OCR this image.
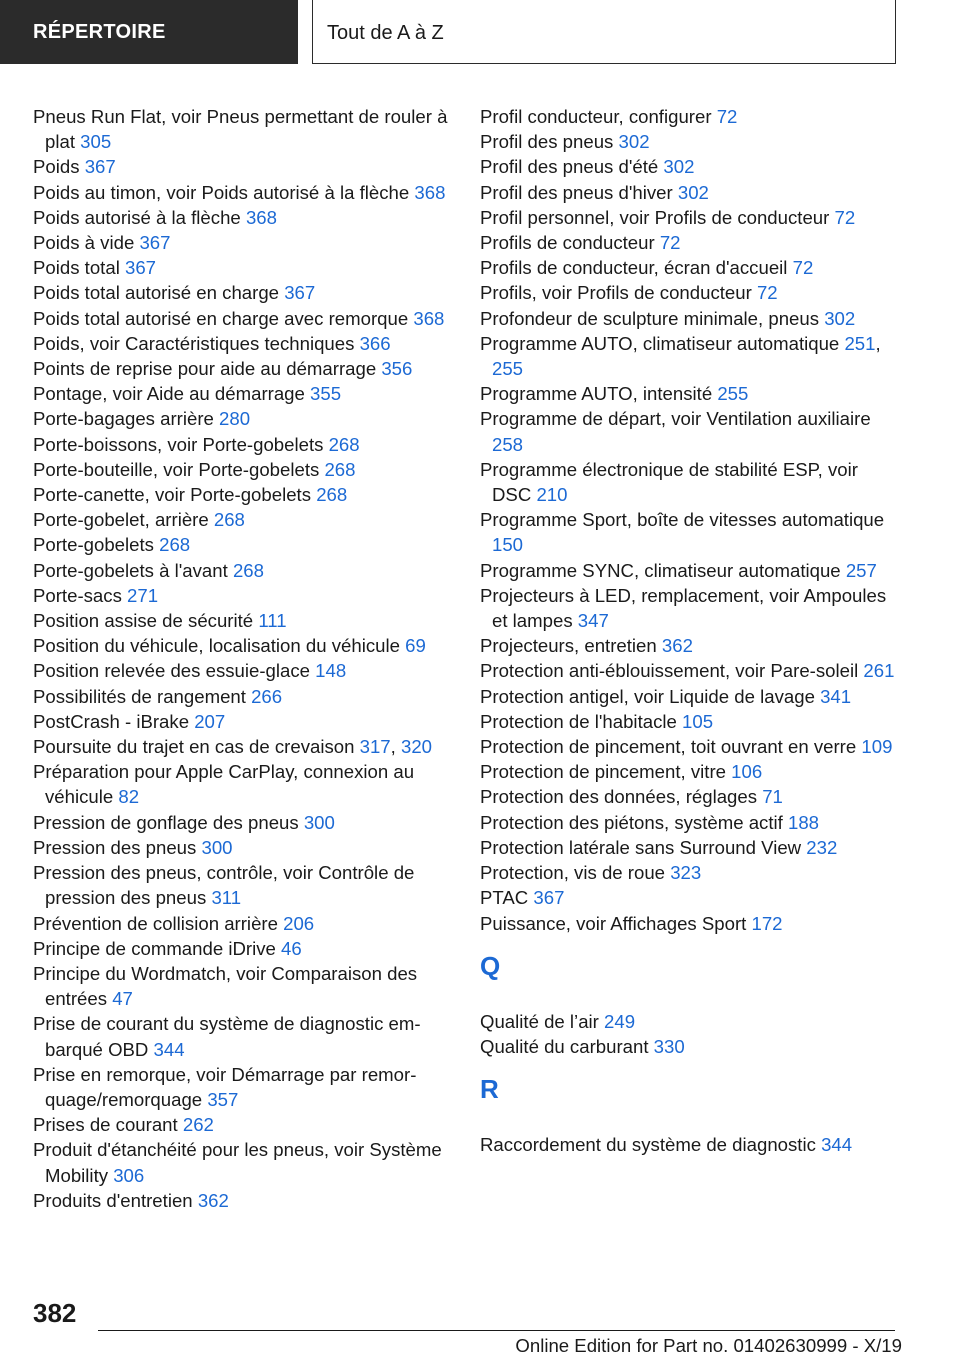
RÉPERTOIRE	Tout de A à Z
Pneus Run Flat, voir Pneus permettant de rouler à plat 305
Poids 367
Poids au timon, voir Poids autorisé à la flèche 368
Poids autorisé à la flèche 368
Poids à vide 367
Poids total 367
Poids total autorisé en charge 367
Poids total autorisé en charge avec remorque 368
Poids, voir Caractéristiques techniques 366
Points de reprise pour aide au démarrage 356
Pontage, voir Aide au démarrage 355
Porte-bagages arrière 280
Porte-boissons, voir Porte-gobelets 268
Porte-bouteille, voir Porte-gobelets 268
Porte-canette, voir Porte-gobelets 268
Porte-gobelet, arrière 268
Porte-gobelets 268
Porte-gobelets à l'avant 268
Porte-sacs 271
Position assise de sécurité 111
Position du véhicule, localisation du véhicule 69
Position relevée des essuie-glace 148
Possibilités de rangement 266
PostCrash - iBrake 207
Poursuite du trajet en cas de crevaison 317, 320
Préparation pour Apple CarPlay, connexion au véhicule 82
Pression de gonflage des pneus 300
Pression des pneus 300
Pression des pneus, contrôle, voir Contrôle de pression des pneus 311
Prévention de collision arrière 206
Principe de commande iDrive 46
Principe du Wordmatch, voir Comparaison des entrées 47
Prise de courant du système de diagnostic embarqué OBD 344
Prise en remorque, voir Démarrage par remorquage/remorquage 357
Prises de courant 262
Produit d'étanchéité pour les pneus, voir Système Mobility 306
Produits d'entretien 362
Profil conducteur, configurer 72
Profil des pneus 302
Profil des pneus d'été 302
Profil des pneus d'hiver 302
Profil personnel, voir Profils de conducteur 72
Profils de conducteur 72
Profils de conducteur, écran d'accueil 72
Profils, voir Profils de conducteur 72
Profondeur de sculpture minimale, pneus 302
Programme AUTO, climatiseur automatique 251, 255
Programme AUTO, intensité 255
Programme de départ, voir Ventilation auxiliaire 258
Programme électronique de stabilité ESP, voir DSC 210
Programme Sport, boîte de vitesses automatique 150
Programme SYNC, climatiseur automatique 257
Projecteurs à LED, remplacement, voir Ampoules et lampes 347
Projecteurs, entretien 362
Protection anti-éblouissement, voir Pare-soleil 261
Protection antigel, voir Liquide de lavage 341
Protection de l'habitacle 105
Protection de pincement, toit ouvrant en verre 109
Protection de pincement, vitre 106
Protection des données, réglages 71
Protection des piétons, système actif 188
Protection latérale sans Surround View 232
Protection, vis de roue 323
PTAC 367
Puissance, voir Affichages Sport 172
Q
Qualité de l’air 249
Qualité du carburant 330
R
Raccordement du système de diagnostic 344
382
Online Edition for Part no. 01402630999 - X/19
